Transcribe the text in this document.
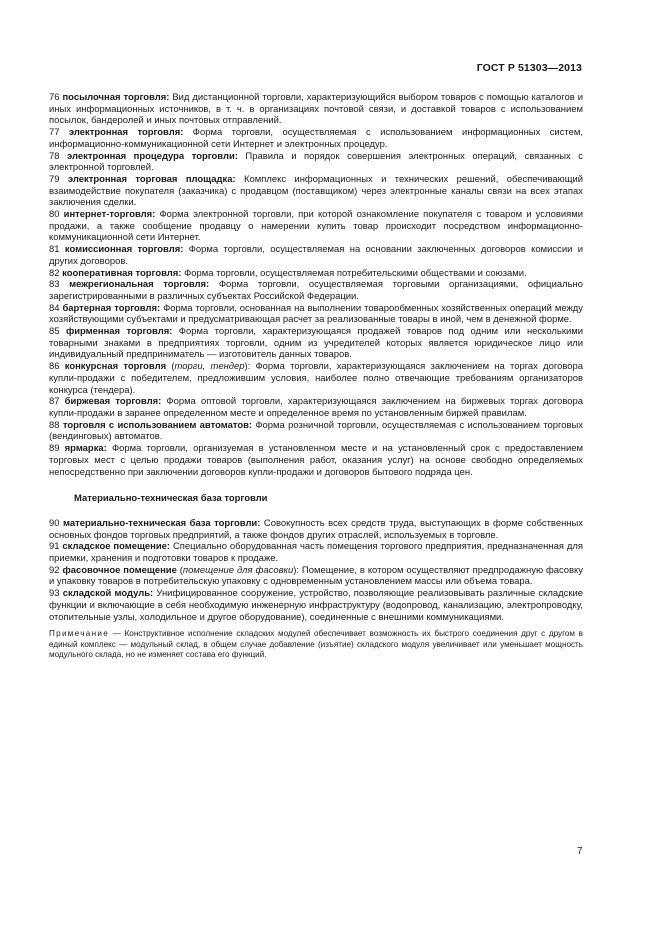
ГОСТ Р 51303—2013

76 посылочная торговля: Вид дистанционной торговли, характеризующийся выбором товаров с помощью каталогов и иных информационных источников, в т. ч. в организациях почтовой связи, и доставкой товаров с использованием посылок, бандеролей и иных почтовых отправлений.

77 электронная торговля: Форма торговли, осуществляемая с использованием информационных систем, информационно-коммуникационной сети Интернет и электронных процедур.

78 электронная процедура торговли: Правила и порядок совершения электронных операций, связанных с электронной торговлей.

79 электронная торговая площадка: Комплекс информационных и технических решений, обеспечивающий взаимодействие покупателя (заказчика) с продавцом (поставщиком) через электронные каналы связи на всех этапах заключения сделки.

80 интернет-торговля: Форма электронной торговли, при которой ознакомление покупателя с товаром и условиями продажи, а также сообщение продавцу о намерении купить товар происходит посредством информационно-коммуникационной сети Интернет.

81 комиссионная торговля: Форма торговли, осуществляемая на основании заключенных договоров комиссии и других договоров.

82 кооперативная торговля: Форма торговли, осуществляемая потребительскими обществами и союзами.

83 межрегиональная торговля: Форма торговли, осуществляемая торговыми организациями, официально зарегистрированными в различных субъектах Российской Федерации.

84 бартерная торговля: Форма торговли, основанная на выполнении товарообменных хозяйственных операций между хозяйствующими субъектами и предусматривающая расчет за реализованные товары в иной, чем в денежной форме.

85 фирменная торговля: Форма торговли, характеризующаяся продажей товаров под одним или несколькими товарными знаками в предприятиях торговли, одним из учредителей которых является юридическое лицо или индивидуальный предприниматель — изготовитель данных товаров.

86 конкурсная торговля (торги, тендер): Форма торговли, характеризующаяся заключением на торгах договора купли-продажи с победителем, предложившим условия, наиболее полно отвечающие требованиям организаторов конкурса (тендера).

87 биржевая торговля: Форма оптовой торговли, характеризующаяся заключением на биржевых торгах договора купли-продажи в заранее определенном месте и определенное время по установленным биржей правилам.

88 торговля с использованием автоматов: Форма розничной торговли, осуществляемая с использованием торговых (вендинговых) автоматов.

89 ярмарка: Форма торговли, организуемая в установленном месте и на установленный срок с предоставлением торговых мест с целью продажи товаров (выполнения работ, оказания услуг) на основе свободно определяемых непосредственно при заключении договоров купли-продажи и договоров бытового подряда цен.

Материально-техническая база торговли

90 материально-техническая база торговли: Совокупность всех средств труда, выступающих в форме собственных основных фондов торговых предприятий, а также фондов других отраслей, используемых в торговле.

91 складское помещение: Специально оборудованная часть помещения торгового предприятия, предназначенная для приемки, хранения и подготовки товаров к продаже.

92 фасовочное помещение (помещение для фасовки): Помещение, в котором осуществляют предпродажную фасовку и упаковку товаров в потребительскую упаковку с одновременным установлением массы или объема товара.

93 складской модуль: Унифицированное сооружение, устройство, позволяющие реализовывать различные складские функции и включающие в себя необходимую инженерную инфраструктуру (водопровод, канализацию, электропроводку, отопительные узлы, холодильное и другое оборудование), соединенные с внешними коммуникациями.

Примечание — Конструктивное исполнение складских модулей обеспечивает возможность их быстрого соединения друг с другом в единый комплекс — модульный склад, в общем случае добавление (изъятие) складского модуля увеличивает или уменьшает мощность модульного склада, но не изменяет состава его функций.
7
